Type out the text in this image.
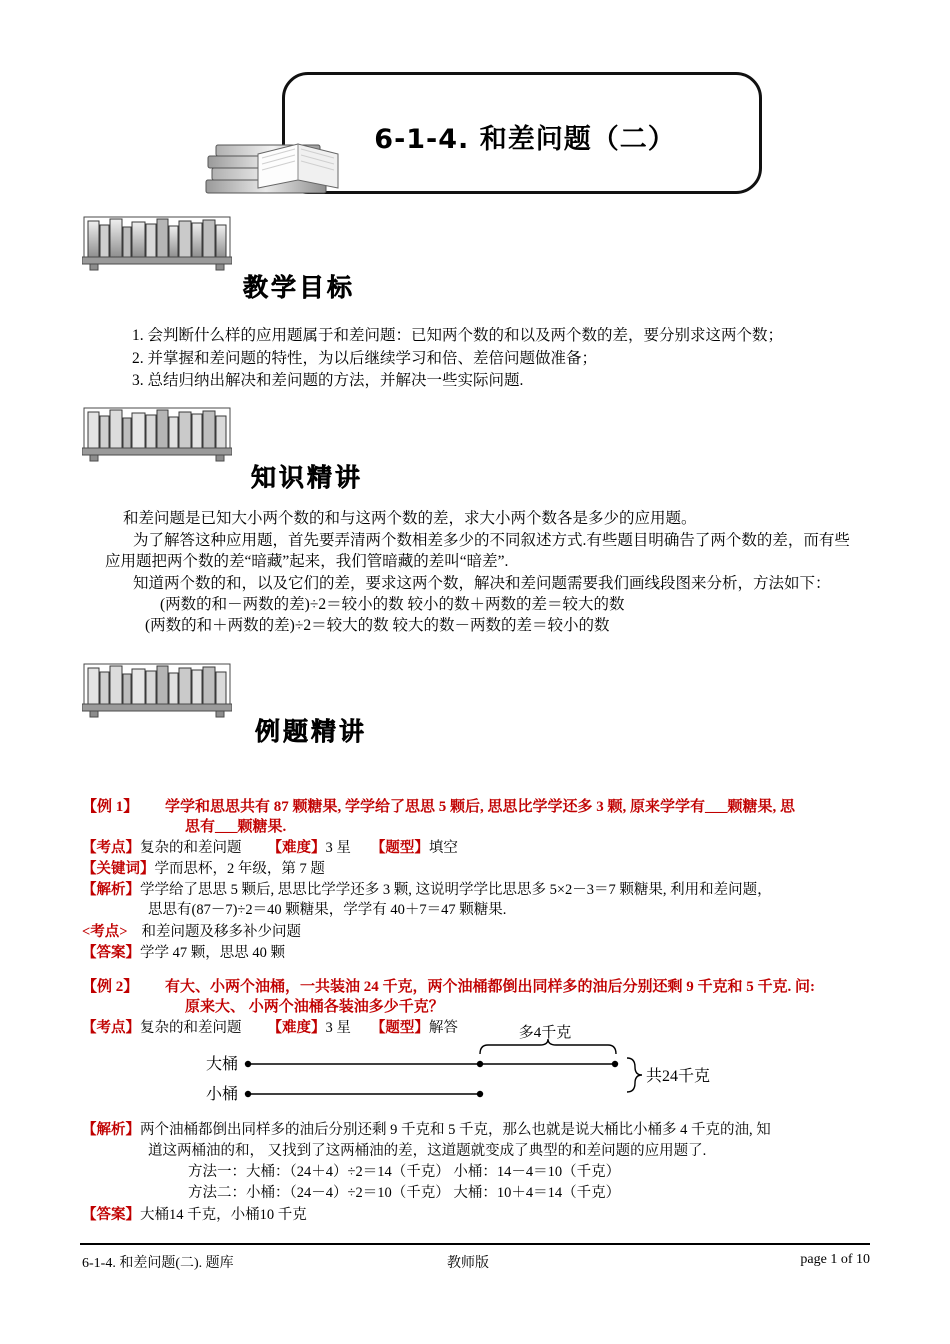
6-1-4. 和差问题（二）
教学目标
1. 会判断什么样的应用题属于和差问题：已知两个数的和以及两个数的差，要分别求这两个数；
2. 并掌握和差问题的特性，为以后继续学习和倍、差倍问题做准备；
3. 总结归纳出解决和差问题的方法，并解决一些实际问题.
知识精讲
和差问题是已知大小两个数的和与这两个数的差，求大小两个数各是多少的应用题。
为了解答这种应用题，首先要弄清两个数相差多少的不同叙述方式.有些题目明确告了两个数的差，而有些应用题把两个数的差“暗藏”起来，我们管暗藏的差叫“暗差”.
知道两个数的和，以及它们的差，要求这两个数，解决和差问题需要我们画线段图来分析，方法如下：
(两数的和－两数的差)÷2＝较小的数 较小的数＋两数的差＝较大的数
(两数的和＋两数的差)÷2＝较大的数 较大的数－两数的差＝较小的数
例题精讲
【例 1】 学学和思思共有 87 颗糖果, 学学给了思思 5 颗后, 思思比学学还多 3 颗, 原来学学有___颗糖果, 思
思有___颗糖果.
【考点】复杂的和差问题 【难度】3 星 【题型】填空
【关键词】学而思杯，2 年级，第 7 题
【解析】学学给了思思 5 颗后, 思思比学学还多 3 颗, 这说明学学比思思多 5×2－3＝7 颗糖果, 利用和差问题，
思思有(87－7)÷2＝40 颗糖果，学学有 40＋7＝47 颗糖果.
<考点> 和差问题及移多补少问题
【答案】学学 47 颗，思思 40 颗
【例 2】 有大、小两个油桶，一共装油 24 千克，两个油桶都倒出同样多的油后分别还剩 9 千克和 5 千克. 问:
原来大、 小两个油桶各装油多少千克？
【考点】复杂的和差问题 【难度】3 星 【题型】解答	多4千克
大桶
小桶
共24千克
【解析】两个油桶都倒出同样多的油后分别还剩 9 千克和 5 千克，那么也就是说大桶比小桶多 4 千克的油, 知
道这两桶油的和， 又找到了这两桶油的差，这道题就变成了典型的和差问题的应用题了.
方法一：大桶：（24＋4）÷2＝14（千克） 小桶：14－4＝10（千克）
方法二：小桶：（24－4）÷2＝10（千克） 大桶：10＋4＝14（千克）
【答案】大桶14 千克，小桶10 千克
6-1-4. 和差问题(二). 题库	教师版	page 1 of 10
